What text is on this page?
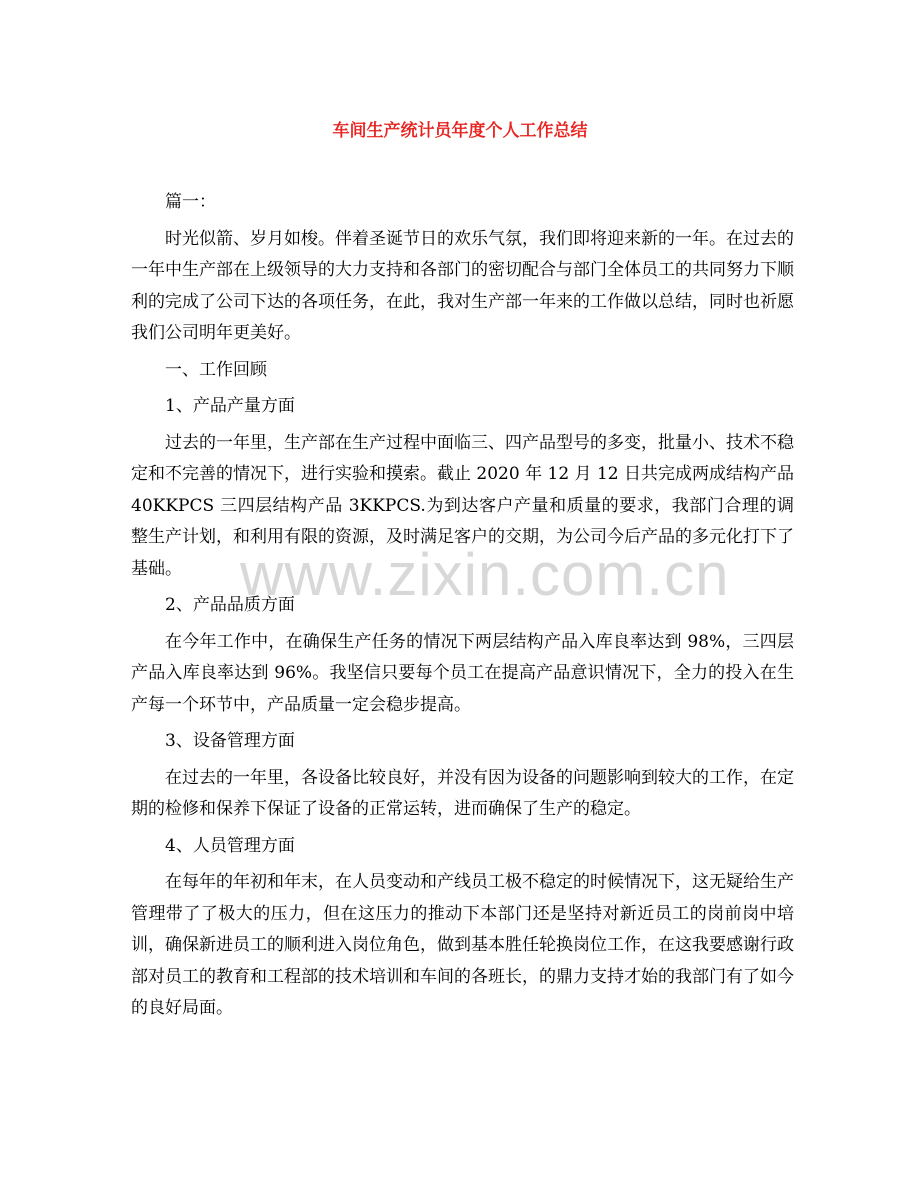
车间生产统计员年度个人工作总结
www.zixin.com.cn

篇一：

时光似箭、岁月如梭。伴着圣诞节日的欢乐气氛，我们即将迎来新的一年。在过去的一年中生产部在上级领导的大力支持和各部门的密切配合与部门全体员工的共同努力下顺利的完成了公司下达的各项任务，在此，我对生产部一年来的工作做以总结，同时也祈愿我们公司明年更美好。

一、工作回顾

1、产品产量方面

过去的一年里，生产部在生产过程中面临三、四产品型号的多变，批量小、技术不稳定和不完善的情况下，进行实验和摸索。截止 2020 年 12 月 12 日共完成两成结构产品 40KKPCS 三四层结构产品 3KKPCS.为到达客户产量和质量的要求，我部门合理的调整生产计划，和利用有限的资源，及时满足客户的交期，为公司今后产品的多元化打下了基础。

2、产品品质方面

在今年工作中，在确保生产任务的情况下两层结构产品入库良率达到 98%，三四层产品入库良率达到 96%。我坚信只要每个员工在提高产品意识情况下，全力的投入在生产每一个环节中，产品质量一定会稳步提高。

3、设备管理方面

在过去的一年里，各设备比较良好，并没有因为设备的问题影响到较大的工作，在定期的检修和保养下保证了设备的正常运转，进而确保了生产的稳定。

4、人员管理方面

在每年的年初和年末，在人员变动和产线员工极不稳定的时候情况下，这无疑给生产管理带了了极大的压力，但在这压力的推动下本部门还是坚持对新近员工的岗前岗中培训，确保新进员工的顺利进入岗位角色，做到基本胜任轮换岗位工作，在这我要感谢行政部对员工的教育和工程部的技术培训和车间的各班长，的鼎力支持才始的我部门有了如今的良好局面。
